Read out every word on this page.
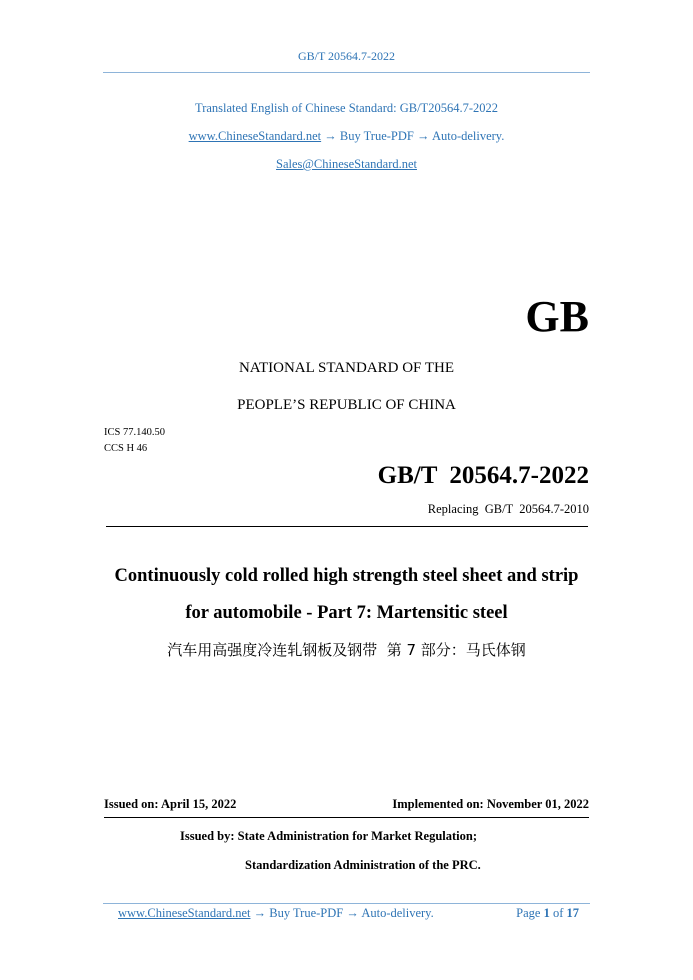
GB/T 20564.7-2022
Translated English of Chinese Standard: GB/T20564.7-2022
www.ChineseStandard.net → Buy True-PDF → Auto-delivery.
Sales@ChineseStandard.net
GB
NATIONAL STANDARD OF THE
PEOPLE’S REPUBLIC OF CHINA
ICS 77.140.50
CCS H 46
GB/T  20564.7-2022
Replacing  GB/T  20564.7-2010
Continuously cold rolled high strength steel sheet and strip
for automobile - Part 7: Martensitic steel
汽车用高强度冷连轧钢板及钢带  第 7 部分：马氏体钢
Issued on: April 15, 2022	Implemented on: November 01, 2022
Issued by: State Administration for Market Regulation;
Standardization Administration of the PRC.
www.ChineseStandard.net → Buy True-PDF → Auto-delivery.	Page 1 of 17
